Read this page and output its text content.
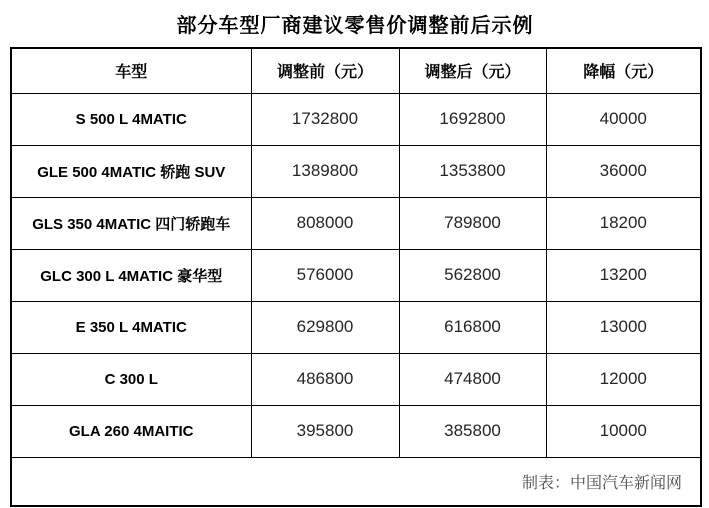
部分车型厂商建议零售价调整前后示例
车型	调整前（元）	调整后（元）	降幅（元）
S 500 L 4MATIC	1732800	1692800	40000
GLE 500 4MATIC 轿跑 SUV	1389800	1353800	36000
GLS 350 4MATIC 四门轿跑车	808000	789800	18200
GLC 300 L 4MATIC 豪华型	576000	562800	13200
E 350 L 4MATIC	629800	616800	13000
C 300 L	486800	474800	12000
GLA 260 4MAITIC	395800	385800	10000
制表：中国汽车新闻网			
